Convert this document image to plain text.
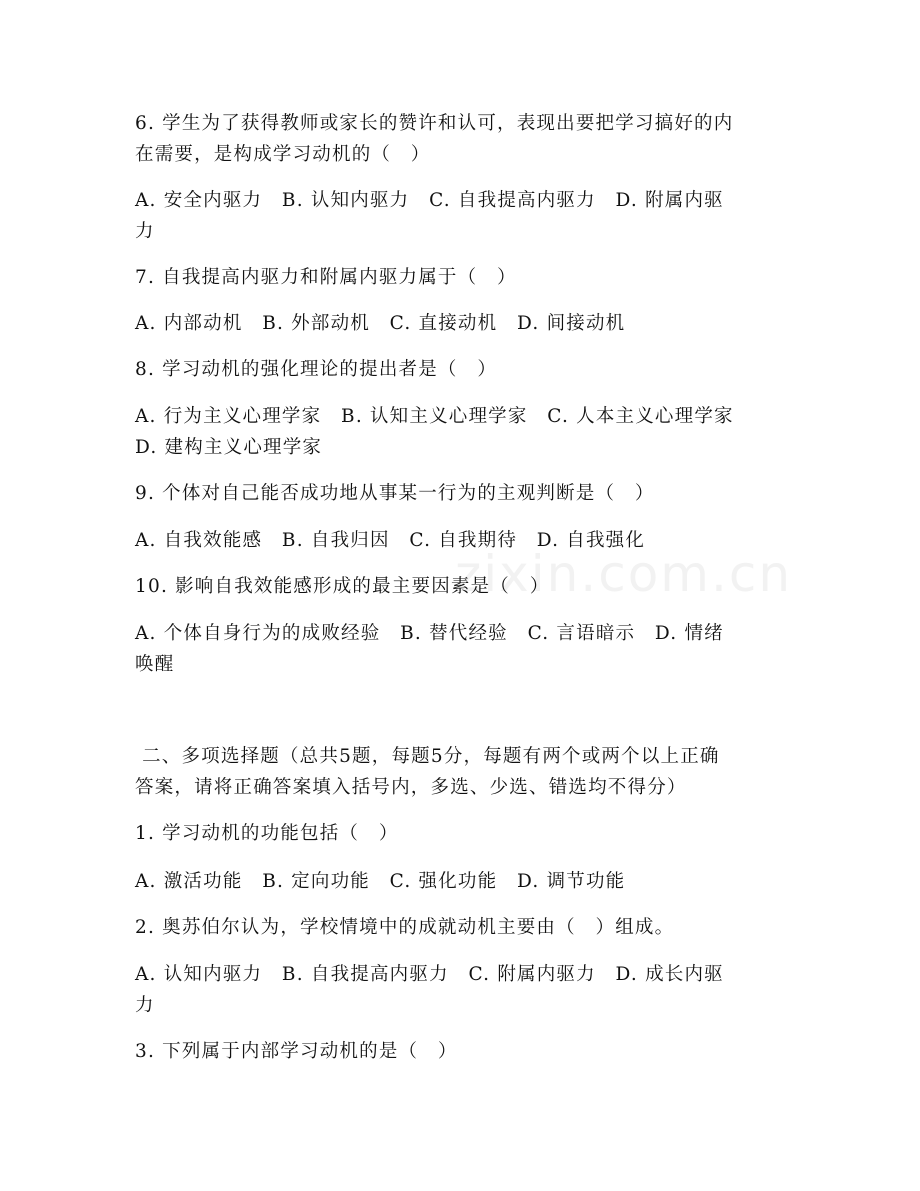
zixin.com.cn
6. 学生为了获得教师或家长的赞许和认可，表现出要把学习搞好的内
在需要，是构成学习动机的（　）
A. 安全内驱力　B. 认知内驱力　C. 自我提高内驱力　D. 附属内驱
力
7. 自我提高内驱力和附属内驱力属于（　）
A. 内部动机　B. 外部动机　C. 直接动机　D. 间接动机
8. 学习动机的强化理论的提出者是（　）
A. 行为主义心理学家　B. 认知主义心理学家　C. 人本主义心理学家
D. 建构主义心理学家
9. 个体对自己能否成功地从事某一行为的主观判断是（　）
A. 自我效能感　B. 自我归因　C. 自我期待　D. 自我强化
10. 影响自我效能感形成的最主要因素是（　）
A. 个体自身行为的成败经验　B. 替代经验　C. 言语暗示　D. 情绪
唤醒
二、多项选择题（总共5题，每题5分，每题有两个或两个以上正确
答案，请将正确答案填入括号内，多选、少选、错选均不得分）
1. 学习动机的功能包括（　）
A. 激活功能　B. 定向功能　C. 强化功能　D. 调节功能
2. 奥苏伯尔认为，学校情境中的成就动机主要由（　）组成。
A. 认知内驱力　B. 自我提高内驱力　C. 附属内驱力　D. 成长内驱
力
3. 下列属于内部学习动机的是（　）
